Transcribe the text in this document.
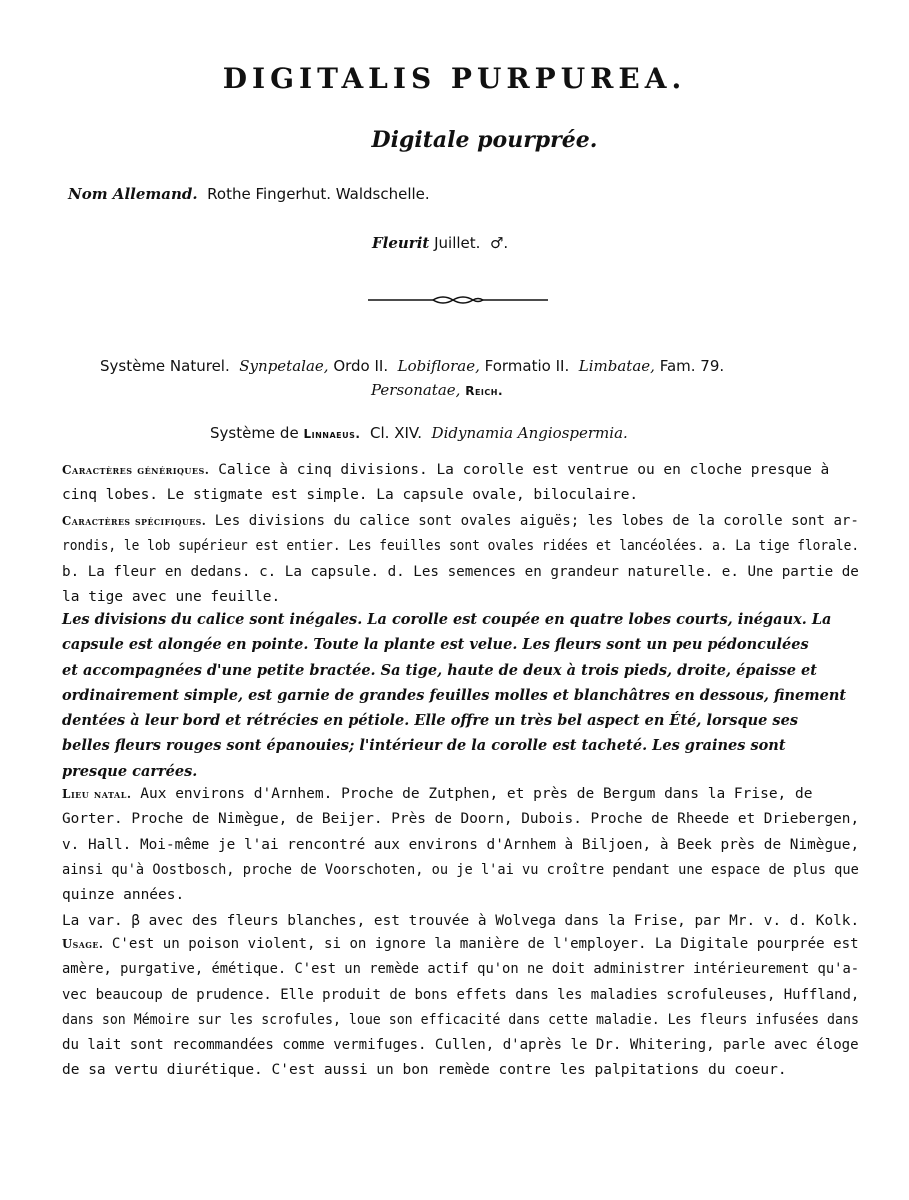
DIGITALIS PURPUREA.
Digitale pourprée.
Nom Allemand. Rothe Fingerhut. Waldschelle.
Fleurit Juillet. ♂.
Système Naturel. Synpetalae, Ordo II. Lobiflorae, Formatio II. Limbatae, Fam. 79.
Personatae, Reich.
Système de Linnaeus. Cl. XIV. Didynamia Angiospermia.
Caractères génériques. Calice à cinq divisions. La corolle est ventrue ou en cloche presque à
cinq lobes. Le stigmate est simple. La capsule ovale, biloculaire.
Caractères spécifiques. Les divisions du calice sont ovales aiguës; les lobes de la corolle sont ar-
rondis, le lob supérieur est entier. Les feuilles sont ovales ridées et lancéolées. a. La tige florale.
b. La fleur en dedans. c. La capsule. d. Les semences en grandeur naturelle. e. Une partie de
la tige avec une feuille.
Les divisions du calice sont inégales. La corolle est coupée en quatre lobes courts, inégaux. La
capsule est alongée en pointe. Toute la plante est velue. Les fleurs sont un peu pédonculées
et accompagnées d'une petite bractée. Sa tige, haute de deux à trois pieds, droite, épaisse et
ordinairement simple, est garnie de grandes feuilles molles et blanchâtres en dessous, finement
dentées à leur bord et rétrécies en pétiole. Elle offre un très bel aspect en Été, lorsque ses
belles fleurs rouges sont épanouies; l'intérieur de la corolle est tacheté. Les graines sont
presque carrées.
Lieu natal. Aux environs d'Arnhem. Proche de Zutphen, et près de Bergum dans la Frise, de
Gorter. Proche de Nimègue, de Beijer. Près de Doorn, Dubois. Proche de Rheede et Driebergen,
v. Hall. Moi-même je l'ai rencontré aux environs d'Arnhem à Biljoen, à Beek près de Nimègue,
ainsi qu'à Oostbosch, proche de Voorschoten, ou je l'ai vu croître pendant une espace de plus que
quinze années.
La var. β avec des fleurs blanches, est trouvée à Wolvega dans la Frise, par Mr. v. d. Kolk.
Usage. C'est un poison violent, si on ignore la manière de l'employer. La Digitale pourprée est
amère, purgative, émétique. C'est un remède actif qu'on ne doit administrer intérieurement qu'a-
vec beaucoup de prudence. Elle produit de bons effets dans les maladies scrofuleuses, Huffland,
dans son Mémoire sur les scrofules, loue son efficacité dans cette maladie. Les fleurs infusées dans
du lait sont recommandées comme vermifuges. Cullen, d'après le Dr. Whitering, parle avec éloge
de sa vertu diurétique. C'est aussi un bon remède contre les palpitations du coeur.
